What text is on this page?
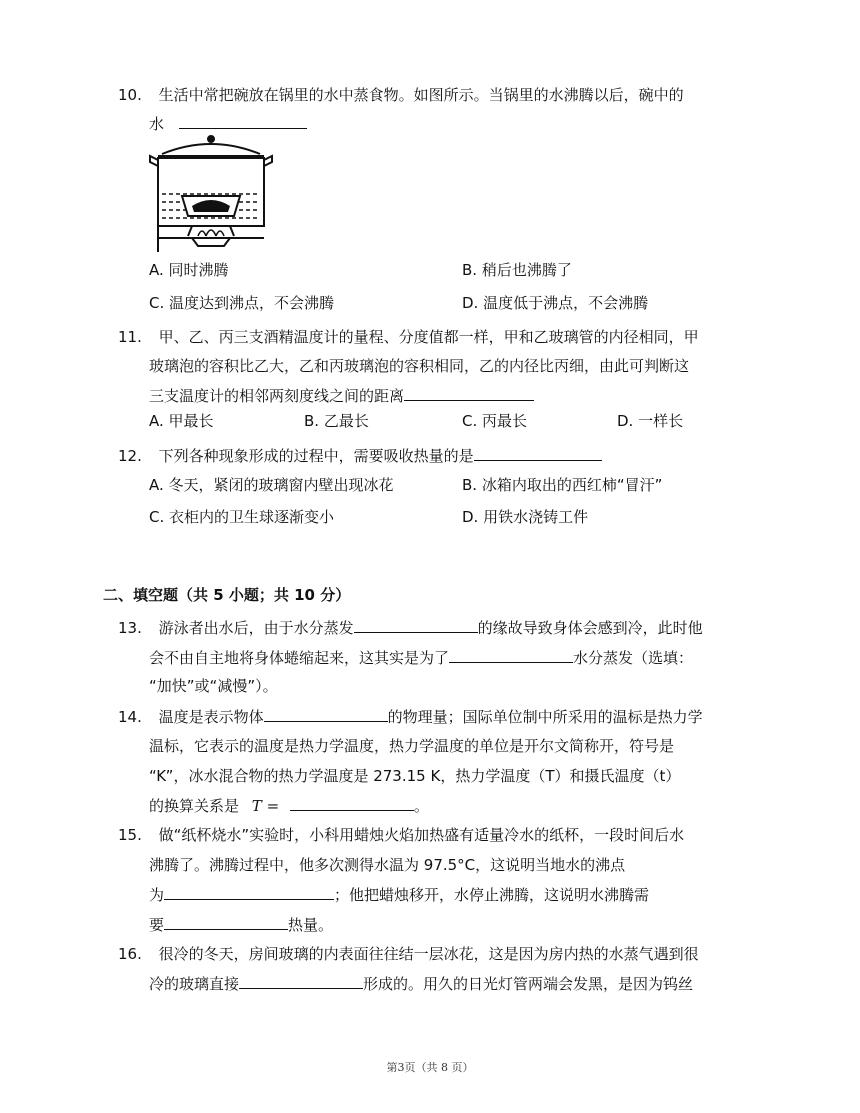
10. 生活中常把碗放在锅里的水中蒸食物。如图所示。当锅里的水沸腾以后，碗中的
水
A. 同时沸腾	B. 稍后也沸腾了
C. 温度达到沸点，不会沸腾	D. 温度低于沸点，不会沸腾
11. 甲、乙、丙三支酒精温度计的量程、分度值都一样，甲和乙玻璃管的内径相同，甲
玻璃泡的容积比乙大，乙和丙玻璃泡的容积相同，乙的内径比丙细，由此可判断这
三支温度计的相邻两刻度线之间的距离
A. 甲最长	B. 乙最长	C. 丙最长	D. 一样长
12. 下列各种现象形成的过程中，需要吸收热量的是
A. 冬天，紧闭的玻璃窗内壁出现冰花	B. 冰箱内取出的西红柿“冒汗”
C. 衣柜内的卫生球逐渐变小	D. 用铁水浇铸工件
二、填空题（共 5 小题；共 10 分）
13. 游泳者出水后，由于水分蒸发	的缘故导致身体会感到冷，此时他
会不由自主地将身体蜷缩起来，这其实是为了	水分蒸发（选填：
“加快”或“减慢”）。
14. 温度是表示物体	的物理量；国际单位制中所采用的温标是热力学
温标，它表示的温度是热力学温度，热力学温度的单位是开尔文简称开，符号是
“K”，冰水混合物的热力学温度是 273.15 K，热力学温度（T）和摄氏温度（t）
的换算关系是 T =	。
15. 做“纸杯烧水”实验时，小科用蜡烛火焰加热盛有适量冷水的纸杯，一段时间后水
沸腾了。沸腾过程中，他多次测得水温为 97.5°C，这说明当地水的沸点
为	；他把蜡烛移开，水停止沸腾，这说明水沸腾需
要	热量。
16. 很冷的冬天，房间玻璃的内表面往往结一层冰花，这是因为房内热的水蒸气遇到很
冷的玻璃直接	形成的。用久的日光灯管两端会发黑，是因为钨丝
第3页（共 8 页）
